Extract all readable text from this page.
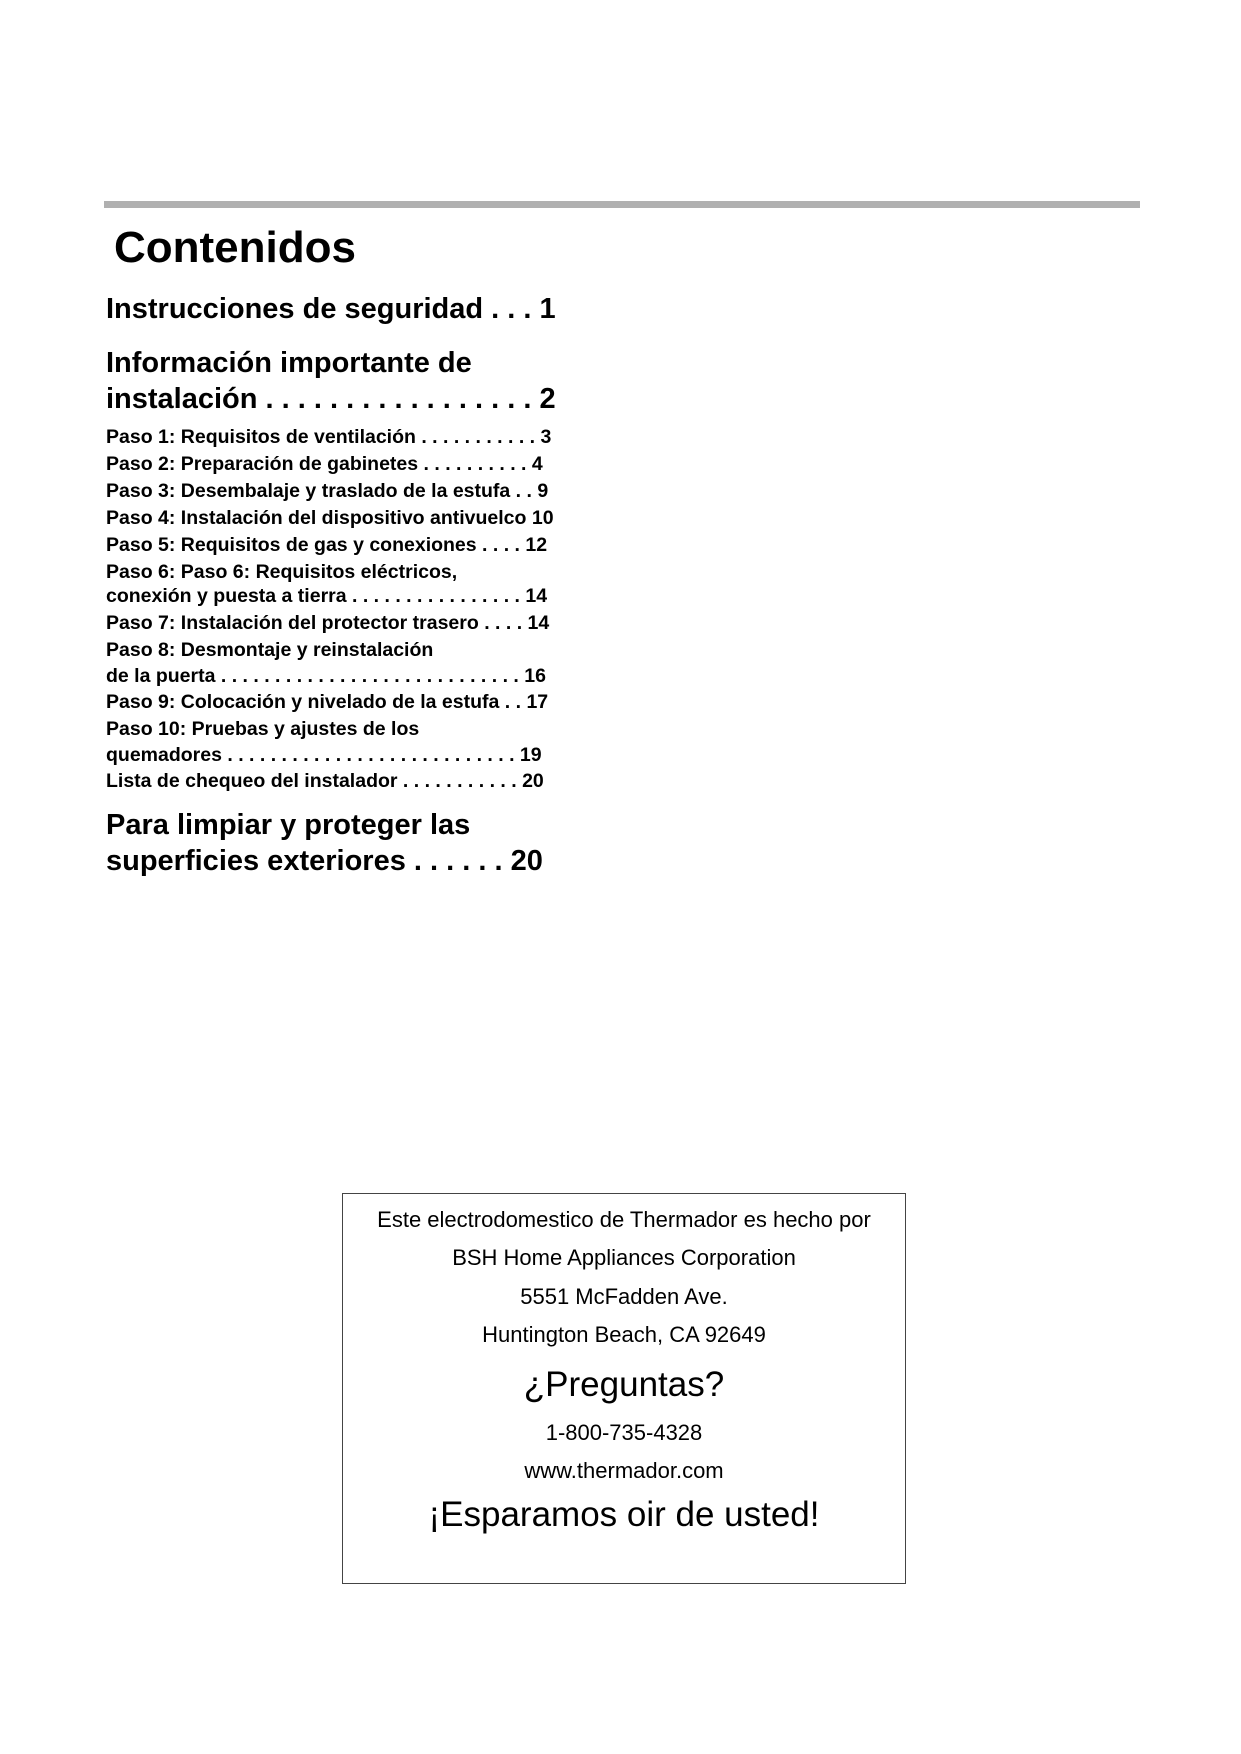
Contenidos
Instrucciones de seguridad . . . 1
Información importante de
instalación . . . . . . . . . . . . . . . . . 2
Paso 1: Requisitos de ventilación . . . . . . . . . . . 3
Paso 2: Preparación de gabinetes . . . . . . . . . . 4
Paso 3: Desembalaje y traslado de la estufa . . 9
Paso 4: Instalación del dispositivo antivuelco 10
Paso 5: Requisitos de gas y conexiones . . . . 12
Paso 6: Paso 6: Requisitos eléctricos,
conexión y puesta a tierra . . . . . . . . . . . . . . . . 14
Paso 7: Instalación del protector trasero . . . . 14
Paso 8: Desmontaje y reinstalación
de la puerta . . . . . . . . . . . . . . . . . . . . . . . . . . . . 16
Paso 9: Colocación y nivelado de la estufa . . 17
Paso 10: Pruebas y ajustes de los
quemadores . . . . . . . . . . . . . . . . . . . . . . . . . . . 19
Lista de chequeo del instalador . . . . . . . . . . . 20
Para limpiar y proteger las
superficies exteriores . . . . . . 20
Este electrodomestico de Thermador es hecho por
BSH Home Appliances Corporation
5551 McFadden Ave.
Huntington Beach, CA 92649
¿Preguntas?
1-800-735-4328
www.thermador.com
¡Esparamos oir de usted!
